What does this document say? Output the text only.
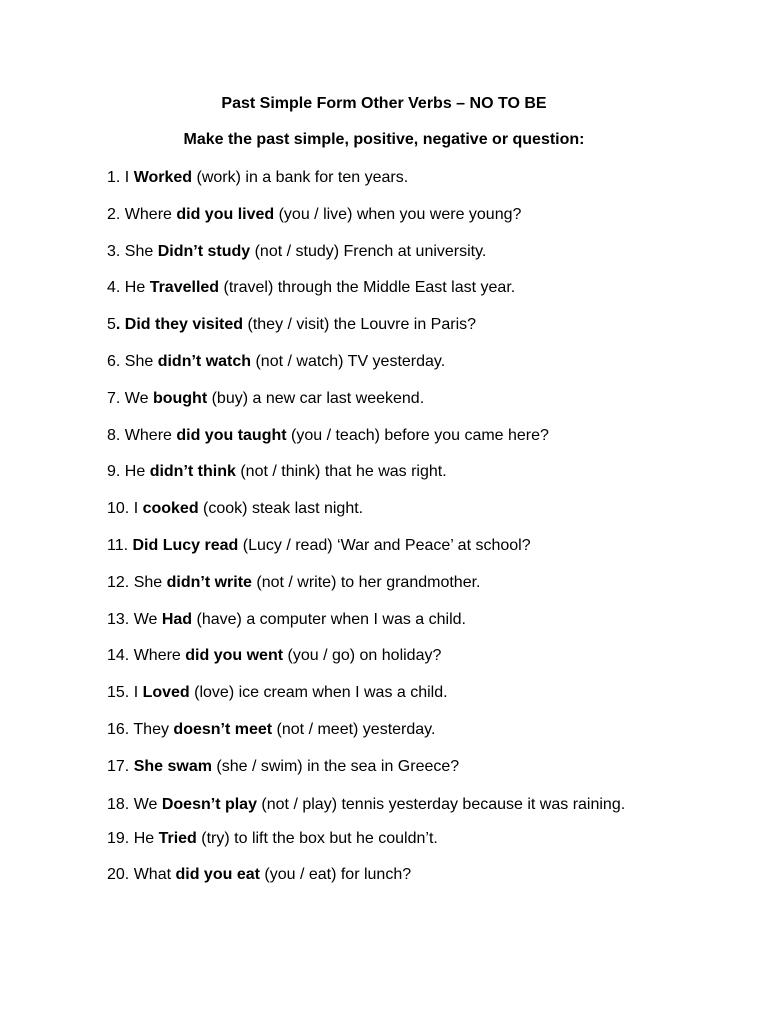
Past Simple Form Other Verbs – NO TO BE
Make the past simple, positive, negative or question:
1. I Worked (work) in a bank for ten years.
2. Where did you lived (you / live) when you were young?
3. She Didn’t study (not / study) French at university.
4. He Travelled (travel) through the Middle East last year.
5. Did they visited (they / visit) the Louvre in Paris?
6. She didn’t watch (not / watch) TV yesterday.
7. We bought (buy) a new car last weekend.
8. Where did you taught (you / teach) before you came here?
9. He didn’t think (not / think) that he was right.
10. I cooked (cook) steak last night.
11. Did Lucy read (Lucy / read) ‘War and Peace’ at school?
12. She didn’t write (not / write) to her grandmother.
13. We Had (have) a computer when I was a child.
14. Where did you went (you / go) on holiday?
15. I Loved (love) ice cream when I was a child.
16. They doesn’t meet (not / meet) yesterday.
17. She swam (she / swim) in the sea in Greece?
18. We Doesn’t play (not / play) tennis yesterday because it was raining.
19. He Tried (try) to lift the box but he couldn’t.
20. What did you eat (you / eat) for lunch?
